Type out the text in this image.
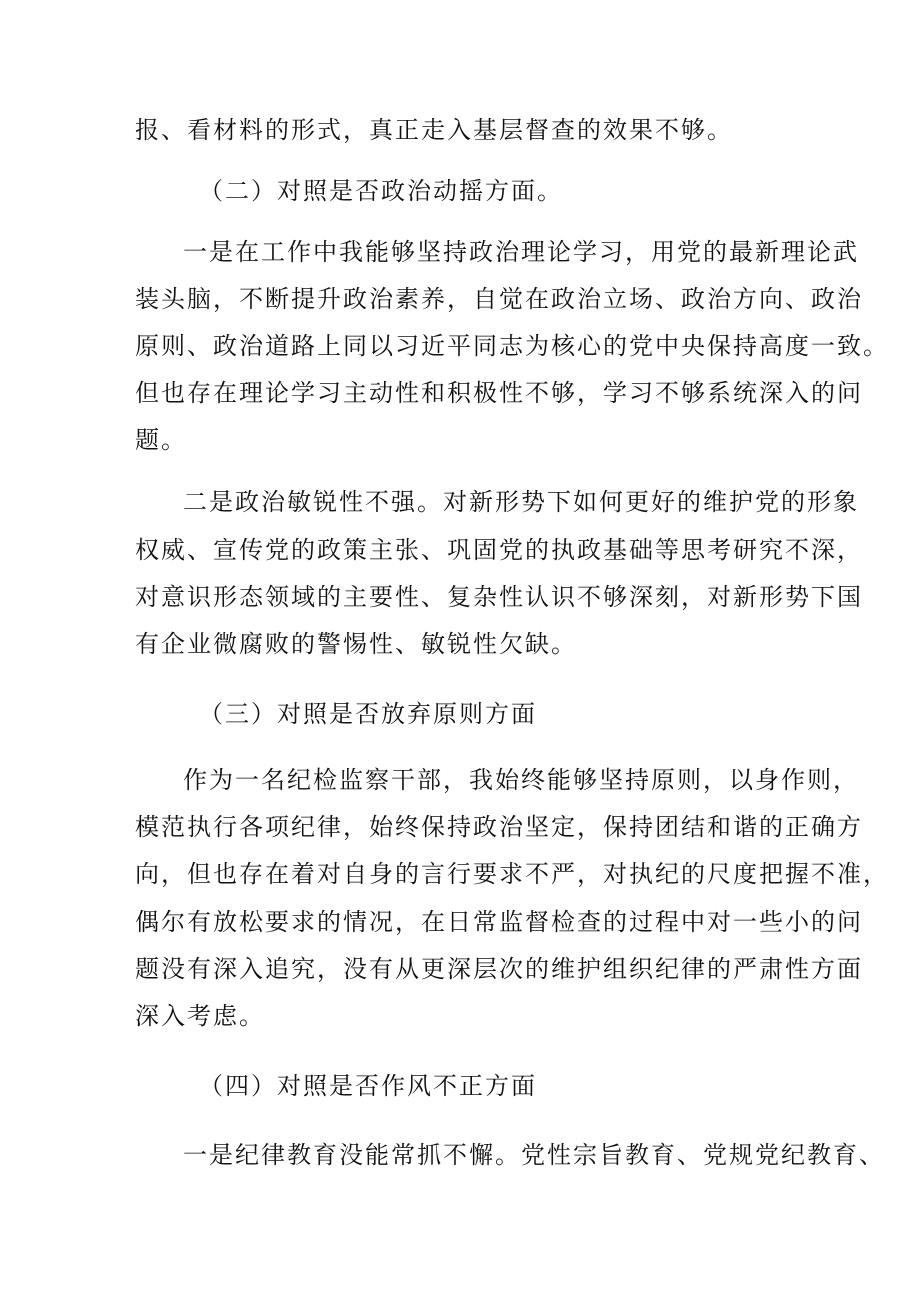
报、看材料的形式，真正走入基层督查的效果不够。
（二）对照是否政治动摇方面。
一是在工作中我能够坚持政治理论学习，用党的最新理论武
装头脑，不断提升政治素养，自觉在政治立场、政治方向、政治
原则、政治道路上同以习近平同志为核心的党中央保持高度一致。
但也存在理论学习主动性和积极性不够，学习不够系统深入的问
题。
二是政治敏锐性不强。对新形势下如何更好的维护党的形象
权威、宣传党的政策主张、巩固党的执政基础等思考研究不深，
对意识形态领域的主要性、复杂性认识不够深刻，对新形势下国
有企业微腐败的警惕性、敏锐性欠缺。
（三）对照是否放弃原则方面
作为一名纪检监察干部，我始终能够坚持原则，以身作则，
模范执行各项纪律，始终保持政治坚定，保持团结和谐的正确方
向，但也存在着对自身的言行要求不严，对执纪的尺度把握不准，
偶尔有放松要求的情况，在日常监督检查的过程中对一些小的问
题没有深入追究，没有从更深层次的维护组织纪律的严肃性方面
深入考虑。
（四）对照是否作风不正方面
一是纪律教育没能常抓不懈。党性宗旨教育、党规党纪教育、
